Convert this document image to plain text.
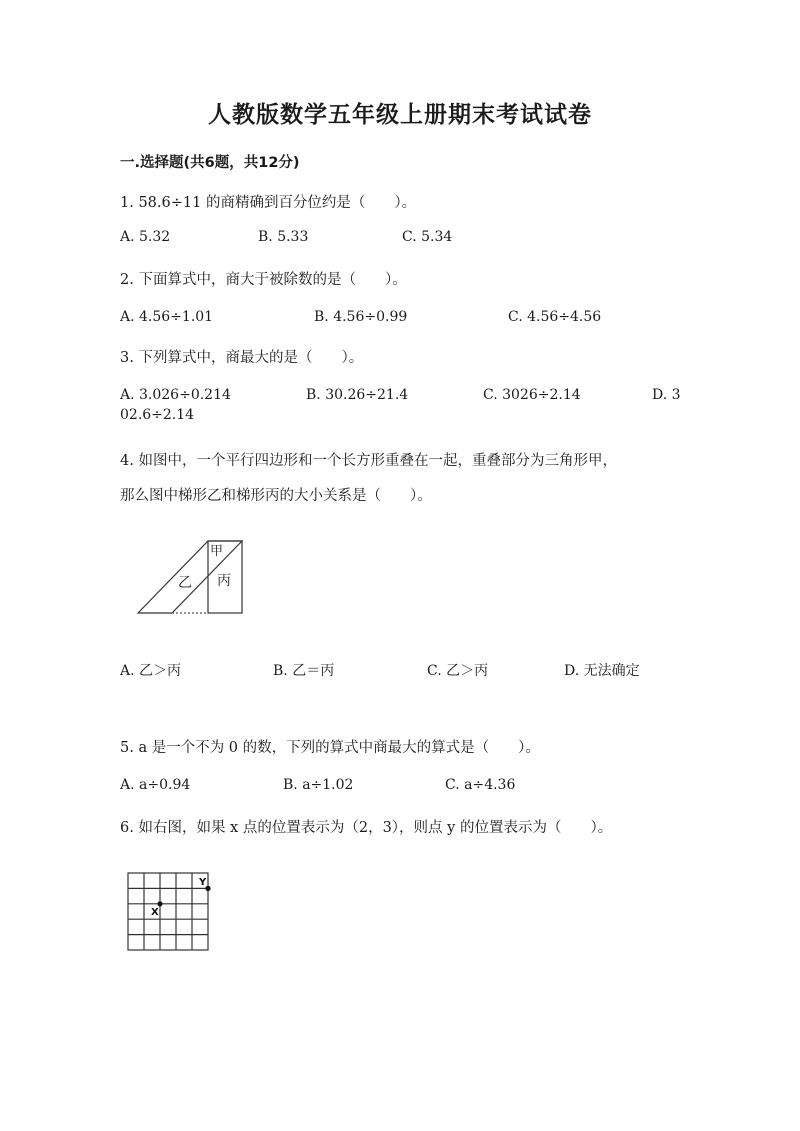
人教版数学五年级上册期末考试试卷
一.选择题(共6题，共12分)
1. 58.6÷11 的商精确到百分位约是（　　）。
A. 5.32	B. 5.33	C. 5.34
2. 下面算式中，商大于被除数的是（　　）。
A. 4.56÷1.01	B. 4.56÷0.99	C. 4.56÷4.56
3. 下列算式中，商最大的是（　　）。
A. 3.026÷0.214	B. 30.26÷21.4	C. 3026÷2.14	D. 3
02.6÷2.14
4. 如图中，一个平行四边形和一个长方形重叠在一起，重叠部分为三角形甲，
那么图中梯形乙和梯形丙的大小关系是（　　）。
甲
乙 丙
A. 乙＞丙	B. 乙＝丙	C. 乙＞丙	D. 无法确定
5. a 是一个不为 0 的数，下列的算式中商最大的算式是（　　）。
A. a÷0.94	B. a÷1.02	C. a÷4.36
6. 如右图，如果 x 点的位置表示为（2，3），则点 y 的位置表示为（　　）。
X
Y
